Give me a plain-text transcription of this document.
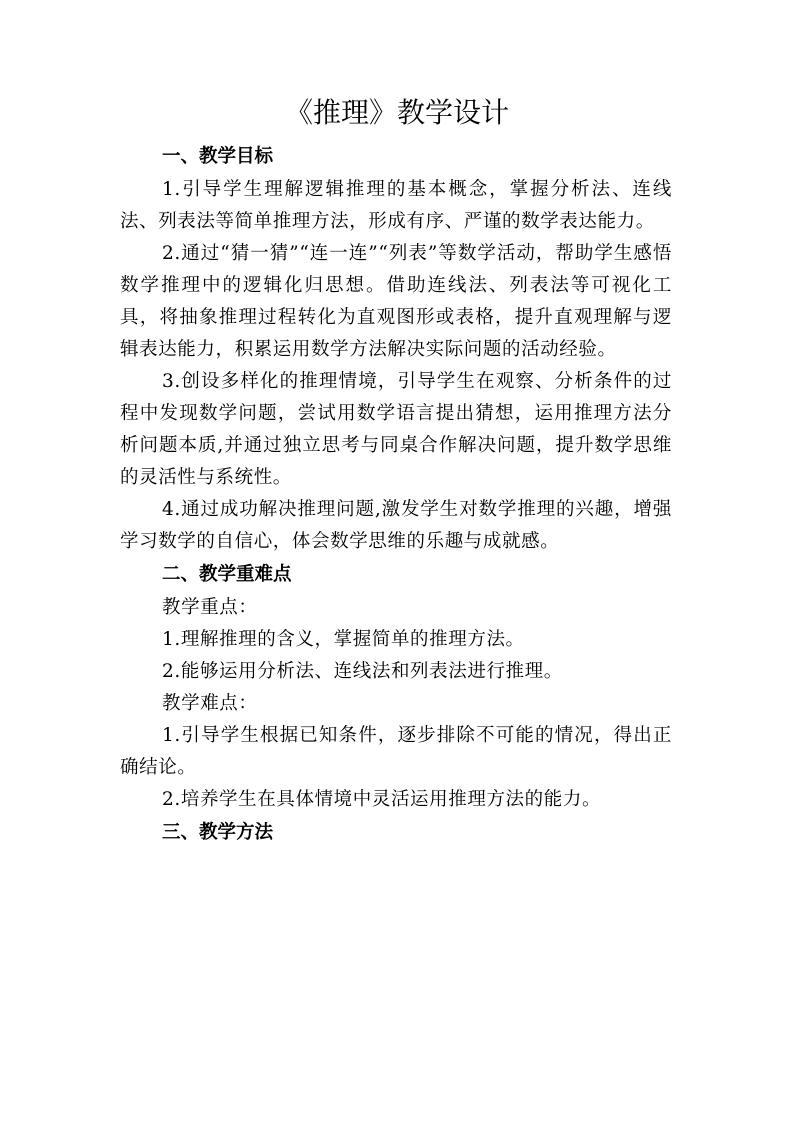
《推理》教学设计
一、教学目标

1.引导学生理解逻辑推理的基本概念，掌握分析法、连线法、列表法等简单推理方法，形成有序、严谨的数学表达能力。

2.通过“猜一猜”“连一连”“列表”等数学活动，帮助学生感悟数学推理中的逻辑化归思想。借助连线法、列表法等可视化工具，将抽象推理过程转化为直观图形或表格，提升直观理解与逻辑表达能力，积累运用数学方法解决实际问题的活动经验。

3.创设多样化的推理情境，引导学生在观察、分析条件的过程中发现数学问题，尝试用数学语言提出猜想，运用推理方法分析问题本质,并通过独立思考与同桌合作解决问题，提升数学思维的灵活性与系统性。

4.通过成功解决推理问题,激发学生对数学推理的兴趣，增强学习数学的自信心，体会数学思维的乐趣与成就感。

二、教学重难点

教学重点：

1.理解推理的含义，掌握简单的推理方法。

2.能够运用分析法、连线法和列表法进行推理。

教学难点：

1.引导学生根据已知条件，逐步排除不可能的情况，得出正确结论。

2.培养学生在具体情境中灵活运用推理方法的能力。

三、教学方法
